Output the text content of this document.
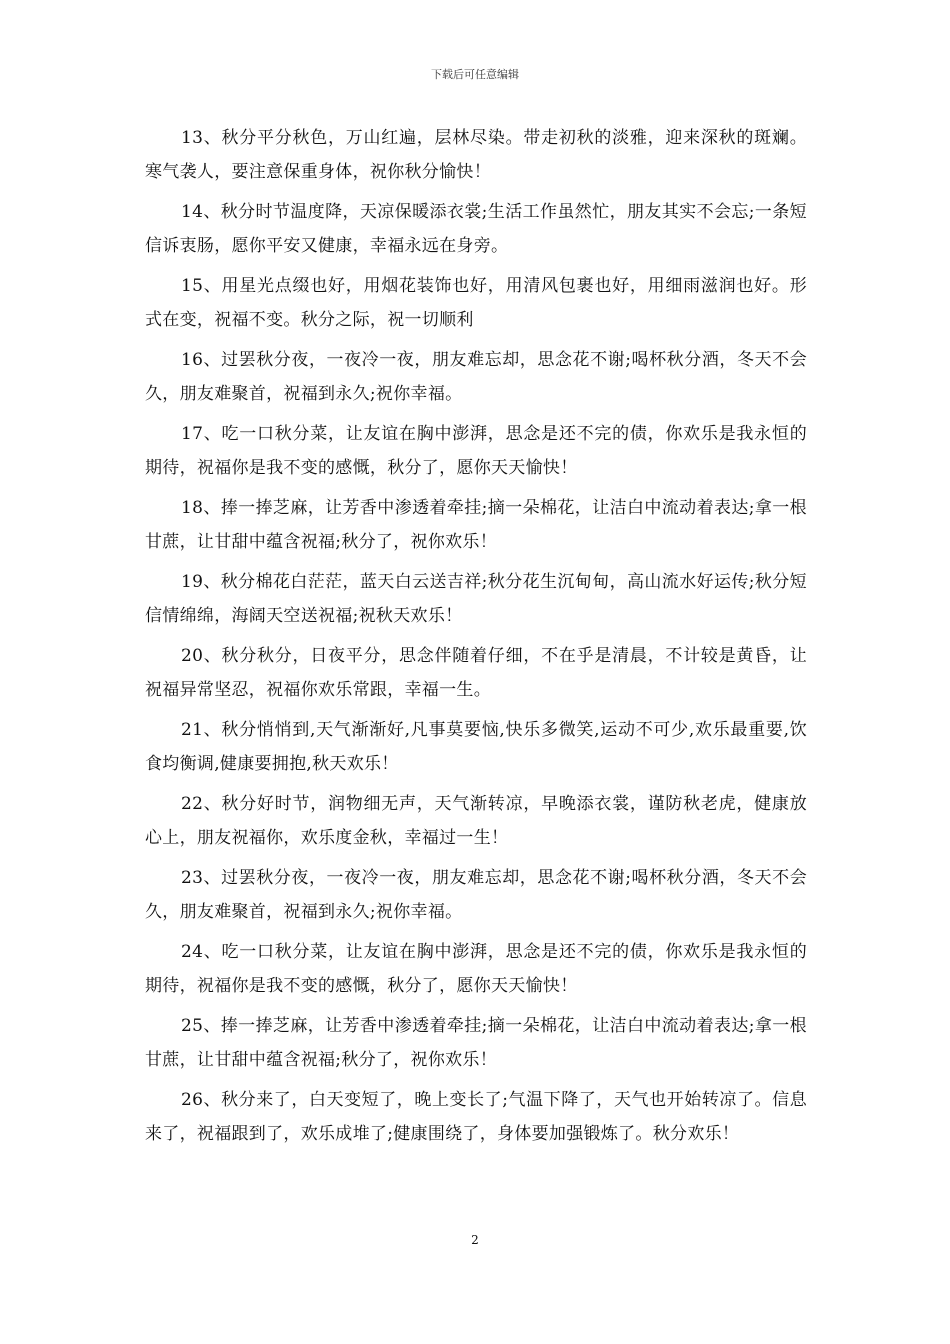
下载后可任意编辑

13、秋分平分秋色，万山红遍，层林尽染。带走初秋的淡雅，迎来深秋的斑斓。寒气袭人，要注意保重身体，祝你秋分愉快！

14、秋分时节温度降，天凉保暖添衣裳;生活工作虽然忙，朋友其实不会忘;一条短信诉衷肠，愿你平安又健康，幸福永远在身旁。

15、用星光点缀也好，用烟花装饰也好，用清风包裹也好，用细雨滋润也好。形式在变，祝福不变。秋分之际，祝一切顺利

16、过罢秋分夜，一夜冷一夜，朋友难忘却，思念花不谢;喝杯秋分酒，冬天不会久，朋友难聚首，祝福到永久;祝你幸福。

17、吃一口秋分菜，让友谊在胸中澎湃，思念是还不完的债，你欢乐是我永恒的期待，祝福你是我不变的感慨，秋分了，愿你天天愉快！

18、捧一捧芝麻，让芳香中渗透着牵挂;摘一朵棉花，让洁白中流动着表达;拿一根甘蔗，让甘甜中蕴含祝福;秋分了，祝你欢乐！

19、秋分棉花白茫茫，蓝天白云送吉祥;秋分花生沉甸甸，高山流水好运传;秋分短信情绵绵，海阔天空送祝福;祝秋天欢乐！

20、秋分秋分，日夜平分，思念伴随着仔细，不在乎是清晨，不计较是黄昏，让祝福异常坚忍，祝福你欢乐常跟，幸福一生。

21、秋分悄悄到,天气渐渐好,凡事莫要恼,快乐多微笑,运动不可少,欢乐最重要,饮食均衡调,健康要拥抱,秋天欢乐！

22、秋分好时节，润物细无声，天气渐转凉，早晚添衣裳，谨防秋老虎，健康放心上，朋友祝福你，欢乐度金秋，幸福过一生！

23、过罢秋分夜，一夜冷一夜，朋友难忘却，思念花不谢;喝杯秋分酒，冬天不会久，朋友难聚首，祝福到永久;祝你幸福。

24、吃一口秋分菜，让友谊在胸中澎湃，思念是还不完的债，你欢乐是我永恒的期待，祝福你是我不变的感慨，秋分了，愿你天天愉快！

25、捧一捧芝麻，让芳香中渗透着牵挂;摘一朵棉花，让洁白中流动着表达;拿一根甘蔗，让甘甜中蕴含祝福;秋分了，祝你欢乐！

26、秋分来了，白天变短了，晚上变长了;气温下降了，天气也开始转凉了。信息来了，祝福跟到了，欢乐成堆了;健康围绕了，身体要加强锻炼了。秋分欢乐！

2
